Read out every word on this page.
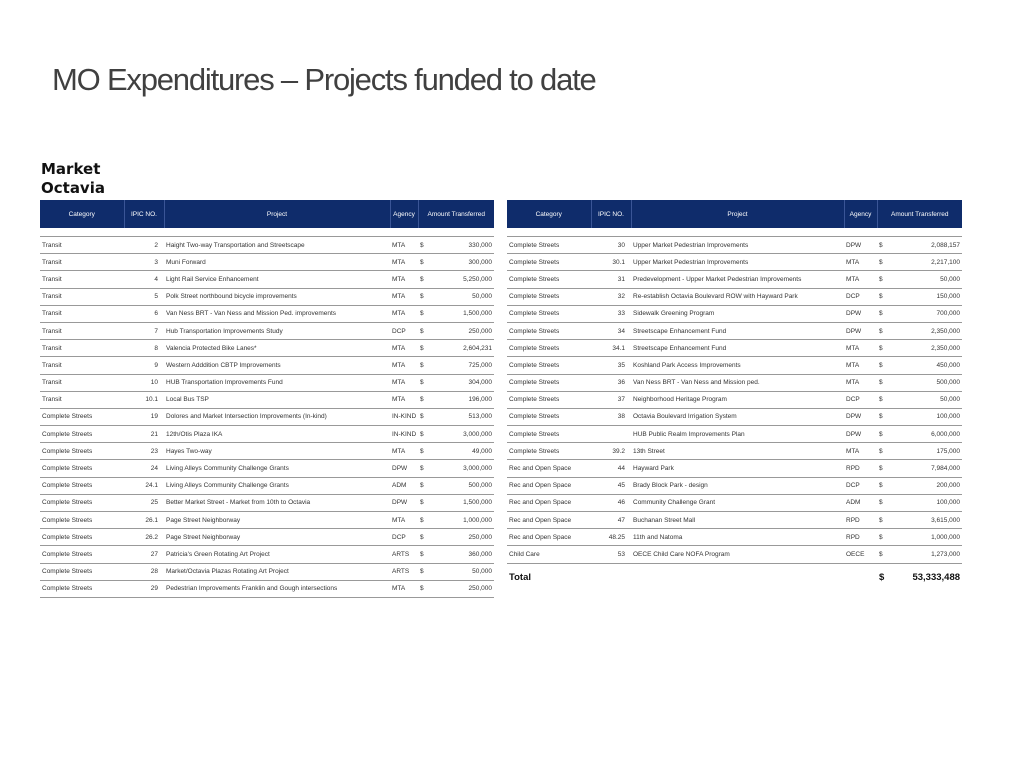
MO Expenditures – Projects funded to date
Market
Octavia
Category	IPIC NO.	Project	Agency	Amount Transferred	

Transit	2	Haight Two-way Transportation and Streetscape	MTA	$	330,000
Transit	3	Muni Forward	MTA	$	300,000
Transit	4	Light Rail Service Enhancement	MTA	$	5,250,000
Transit	5	Polk Street northbound bicycle improvements	MTA	$	50,000
Transit	6	Van Ness BRT - Van Ness and Mission Ped. improvements	MTA	$	1,500,000
Transit	7	Hub Transportation Improvements Study	DCP	$	250,000
Transit	8	Valencia Protected Bike Lanes*	MTA	$	2,604,231
Transit	9	Western Adddition CBTP Improvements	MTA	$	725,000
Transit	10	HUB Transportation Improvements Fund	MTA	$	304,000
Transit	10.1	Local Bus TSP	MTA	$	196,000
Complete Streets	19	Dolores and Market Intersection Improvements (In-kind)	IN-KIND	$	513,000
Complete Streets	21	12th/Otis Plaza IKA	IN-KIND	$	3,000,000
Complete Streets	23	Hayes Two-way	MTA	$	49,000
Complete Streets	24	Living Alleys Community Challenge Grants	DPW	$	3,000,000
Complete Streets	24.1	Living Alleys Community Challenge Grants	ADM	$	500,000
Complete Streets	25	Better Market Street - Market from 10th to Octavia	DPW	$	1,500,000
Complete Streets	26.1	Page Street Neighborway	MTA	$	1,000,000
Complete Streets	26.2	Page Street Neighborway	DCP	$	250,000
Complete Streets	27	Patricia's Green Rotating Art Project	ARTS	$	360,000
Complete Streets	28	Market/Octavia Plazas Rotating Art Project	ARTS	$	50,000
Complete Streets	29	Pedestrian Improvements Franklin and Gough intersections	MTA	$	250,000
Category	IPIC NO.	Project	Agency	Amount Transferred	

Complete Streets	30	Upper Market Pedestrian Improvements	DPW	$	2,088,157
Complete Streets	30.1	Upper Market Pedestrian Improvements	MTA	$	2,217,100
Complete Streets	31	Predevelopment - Upper Market Pedestrian Improvements	MTA	$	50,000
Complete Streets	32	Re-establish Octavia Boulevard ROW with Hayward Park	DCP	$	150,000
Complete Streets	33	Sidewalk Greening Program	DPW	$	700,000
Complete Streets	34	Streetscape Enhancement Fund	DPW	$	2,350,000
Complete Streets	34.1	Streetscape Enhancement Fund	MTA	$	2,350,000
Complete Streets	35	Koshland Park Access Improvements	MTA	$	450,000
Complete Streets	36	Van Ness BRT - Van Ness and Mission ped.	MTA	$	500,000
Complete Streets	37	Neighborhood Heritage Program	DCP	$	50,000
Complete Streets	38	Octavia Boulevard Irrigation System	DPW	$	100,000
Complete Streets		HUB Public Realm Improvements Plan	DPW	$	6,000,000
Complete Streets	39.2	13th Street	MTA	$	175,000
Rec and Open Space	44	Hayward Park	RPD	$	7,984,000
Rec and Open Space	45	Brady Block Park - design	DCP	$	200,000
Rec and Open Space	46	Community Challenge Grant	ADM	$	100,000
Rec and Open Space	47	Buchanan Street Mall	RPD	$	3,615,000
Rec and Open Space	48.25	11th and Natoma	RPD	$	1,000,000
Child Care	53	OECE Child Care NOFA Program	OECE	$	1,273,000
Total				$	53,333,488
